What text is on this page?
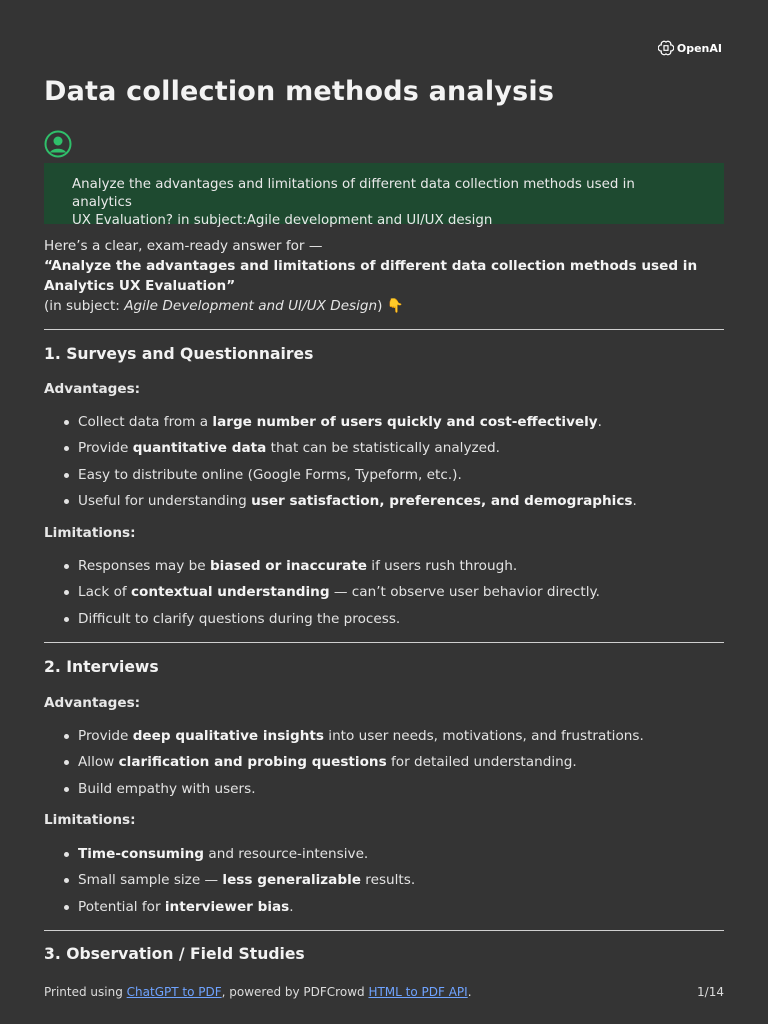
OpenAI
Data collection methods analysis
Analyze the advantages and limitations of different data collection methods used in analytics
UX Evaluation? in subject:Agile development and UI/UX design
Here’s a clear, exam-ready answer for —
“Analyze the advantages and limitations of different data collection methods used in Analytics UX Evaluation”
(in subject: Agile Development and UI/UX Design) 👇
1. Surveys and Questionnaires
Advantages:
Collect data from a large number of users quickly and cost-effectively.
Provide quantitative data that can be statistically analyzed.
Easy to distribute online (Google Forms, Typeform, etc.).
Useful for understanding user satisfaction, preferences, and demographics.
Limitations:
Responses may be biased or inaccurate if users rush through.
Lack of contextual understanding — can’t observe user behavior directly.
Difficult to clarify questions during the process.
2. Interviews
Advantages:
Provide deep qualitative insights into user needs, motivations, and frustrations.
Allow clarification and probing questions for detailed understanding.
Build empathy with users.
Limitations:
Time-consuming and resource-intensive.
Small sample size — less generalizable results.
Potential for interviewer bias.
3. Observation / Field Studies
Printed using ChatGPT to PDF, powered by PDFCrowd HTML to PDF API.	1/14
